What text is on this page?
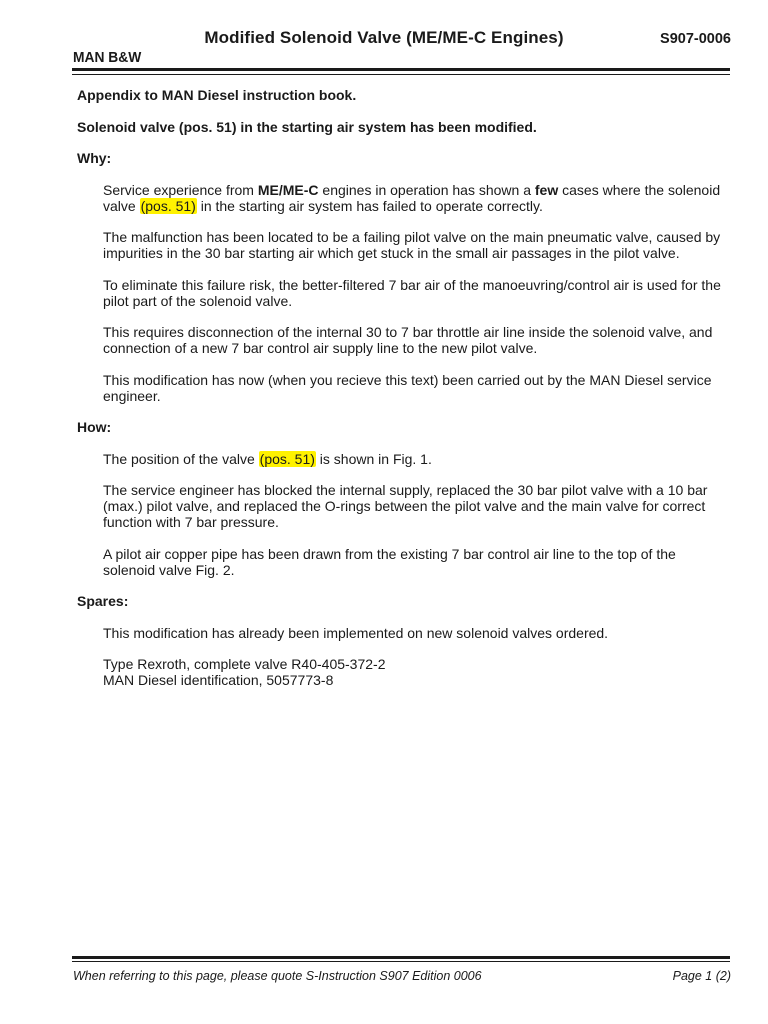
Modified Solenoid Valve (ME/ME-C Engines)	S907-0006
MAN B&W

Appendix to MAN Diesel instruction book.

Solenoid valve (pos. 51) in the starting air system has been modified.

Why:

Service experience from ME/ME-C engines in operation has shown a few cases where the solenoid valve (pos. 51) in the starting air system has failed to operate correctly.

The malfunction has been located to be a failing pilot valve on the main pneumatic valve, caused by impurities in the 30 bar starting air which get stuck in the small air passages in the pilot valve.

To eliminate this failure risk, the better-filtered 7 bar air of the manoeuvring/control air is used for the pilot part of the solenoid valve.

This requires disconnection of the internal 30 to 7 bar throttle air line inside the solenoid valve, and connection of a new 7 bar control air supply line to the new pilot valve.

This modification has now (when you recieve this text) been carried out by the MAN Diesel service engineer.

How:

The position of the valve (pos. 51) is shown in Fig. 1.

The service engineer has blocked the internal supply, replaced the 30 bar pilot valve with a 10 bar (max.) pilot valve, and replaced the O-rings between the pilot valve and the main valve for correct function with 7 bar pressure.

A pilot air copper pipe has been drawn from the existing 7 bar control air line to the top of the solenoid valve Fig. 2.

Spares:

This modification has already been implemented on new solenoid valves ordered.

Type Rexroth, complete valve R40-405-372-2

MAN Diesel identification, 5057773-8

When referring to this page, please quote S-Instruction S907 Edition 0006	Page 1 (2)
